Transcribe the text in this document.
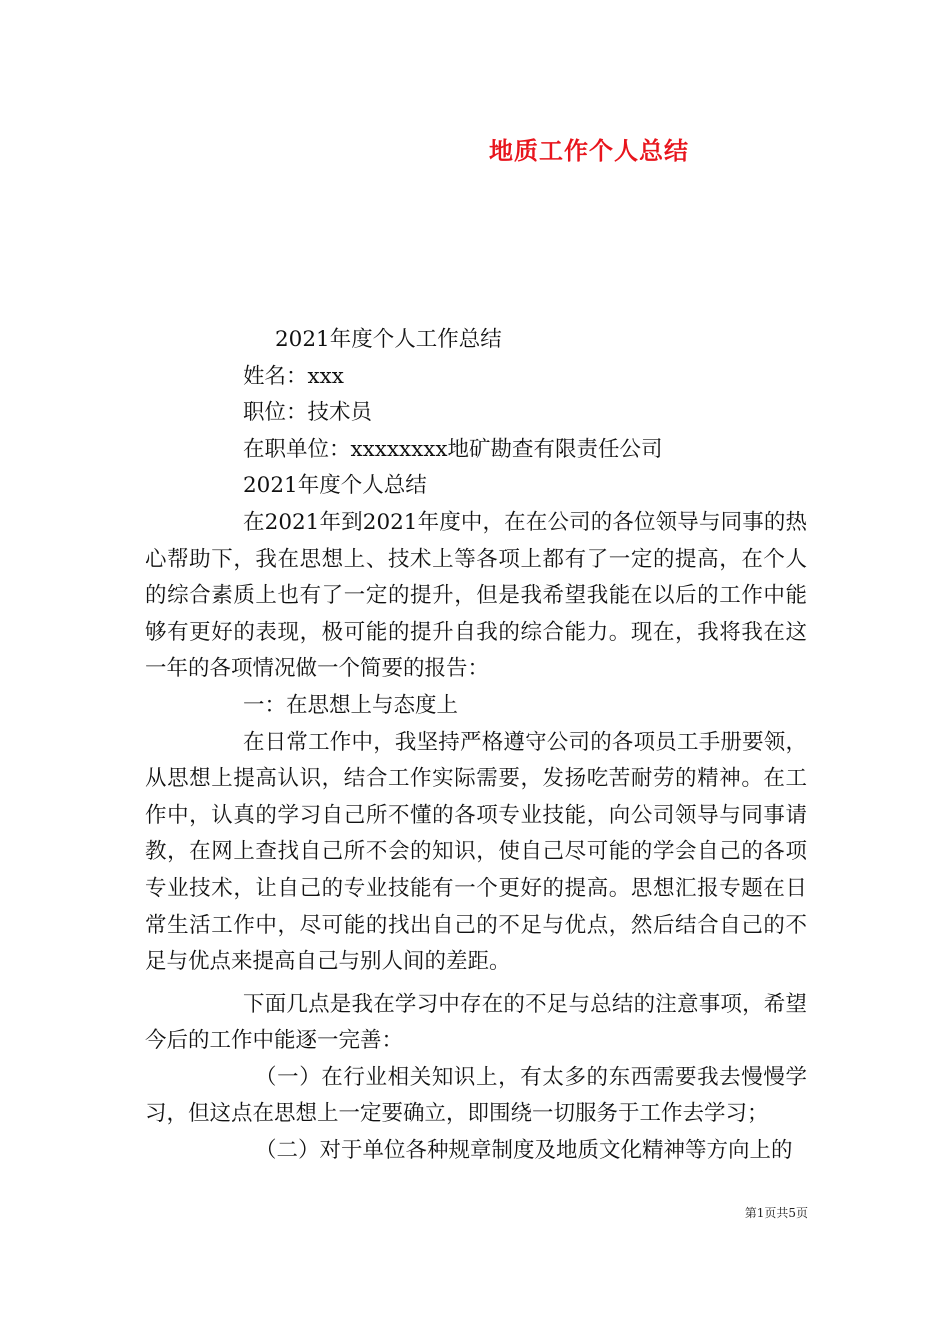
地质工作个人总结
2021年度个人工作总结
姓名：xxx
职位：技术员
在职单位：xxxxxxxx地矿勘查有限责任公司
2021年度个人总结

在2021年到2021年度中，在在公司的各位领导与同事的热心帮助下，我在思想上、技术上等各项上都有了一定的提高，在个人的综合素质上也有了一定的提升，但是我希望我能在以后的工作中能够有更好的表现，极可能的提升自我的综合能力。现在，我将我在这一年的各项情况做一个简要的报告：

一：在思想上与态度上

在日常工作中，我坚持严格遵守公司的各项员工手册要领，从思想上提高认识，结合工作实际需要，发扬吃苦耐劳的精神。在工作中，认真的学习自己所不懂的各项专业技能，向公司领导与同事请教，在网上查找自己所不会的知识，使自己尽可能的学会自己的各项专业技术，让自己的专业技能有一个更好的提高。思想汇报专题在日常生活工作中，尽可能的找出自己的不足与优点，然后结合自己的不足与优点来提高自己与别人间的差距。

下面几点是我在学习中存在的不足与总结的注意事项，希望今后的工作中能逐一完善：

（一）在行业相关知识上，有太多的东西需要我去慢慢学习，但这点在思想上一定要确立，即围绕一切服务于工作去学习；

（二）对于单位各种规章制度及地质文化精神等方向上的

第1页共5页
